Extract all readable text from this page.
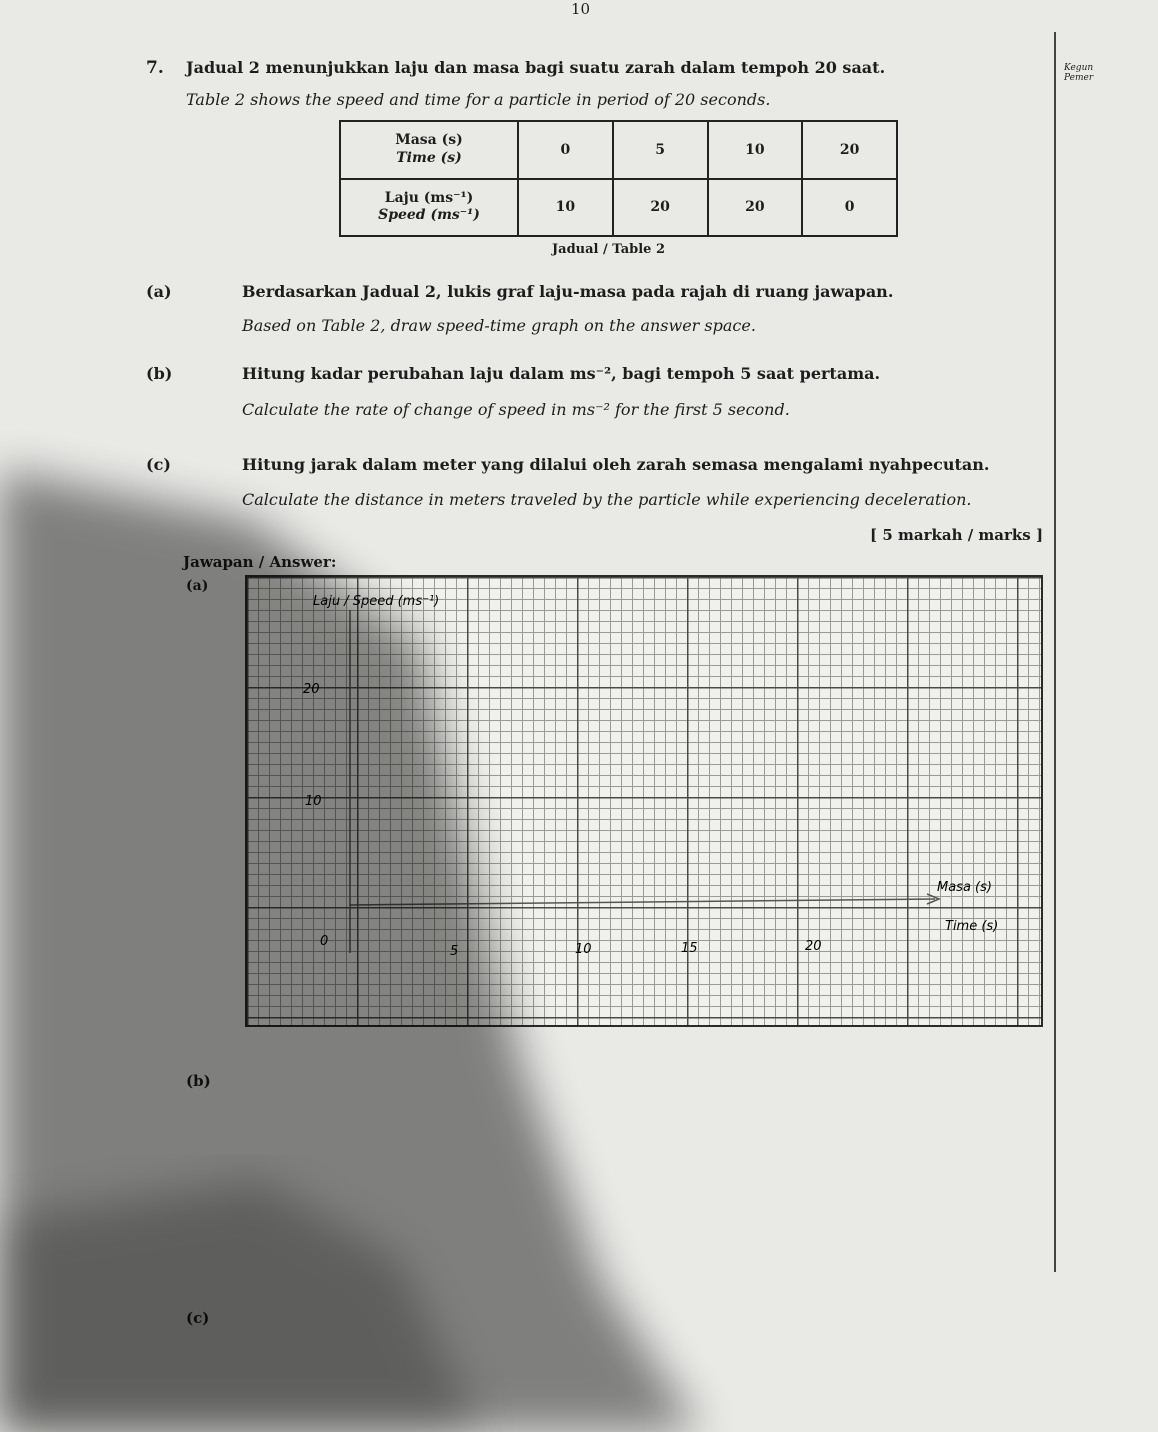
10
Kegun
Pemer
7. Jadual 2 menunjukkan laju dan masa bagi suatu zarah dalam tempoh 20 saat.
Table 2 shows the speed and time for a particle in period of 20 seconds.
Masa (s)
Time (s)	0	5	10	20

Laju (ms⁻¹)
Speed (ms⁻¹)	10	20	20	0
Jadual / Table 2
(a)	Berdasarkan Jadual 2, lukis graf laju-masa pada rajah di ruang jawapan.
Based on Table 2, draw speed-time graph on the answer space.
(b)	Hitung kadar perubahan laju dalam ms⁻², bagi tempoh 5 saat pertama.
Calculate the rate of change of speed in ms⁻² for the first 5 second.
(c)	Hitung jarak dalam meter yang dilalui oleh zarah semasa mengalami nyahpecutan.
Calculate the distance in meters traveled by the particle while experiencing deceleration.
[ 5 markah / marks ]
Jawapan / Answer:
(a)
Laju / Speed (ms⁻¹)
20
10
0
5	10	15	20
Masa (s)
Time (s)
(b)
(c)
